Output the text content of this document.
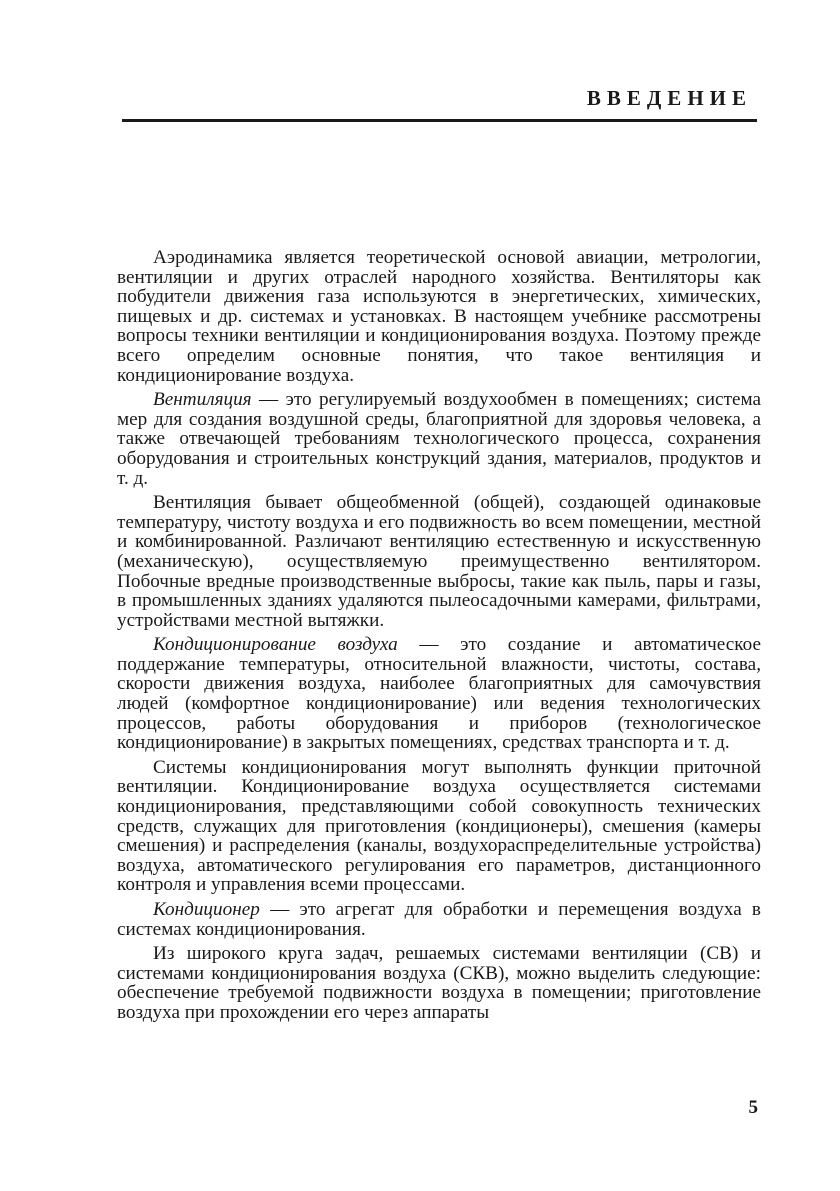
ВВЕДЕНИЕ

Аэродинамика является теоретической основой авиации, метрологии, вентиляции и других отраслей народного хозяйства. Вентиляторы как побудители движения газа используются в энергетических, химических, пищевых и др. системах и установках. В настоящем учебнике рассмотрены вопросы техники вентиляции и кондиционирования воздуха. Поэтому прежде всего определим основные понятия, что такое вентиляция и кондиционирование воздуха.

Вентиляция — это регулируемый воздухообмен в помещениях; система мер для создания воздушной среды, благоприятной для здоровья человека, а также отвечающей требованиям технологического процесса, сохранения оборудования и строительных конструкций здания, материалов, продуктов и т. д.

Вентиляция бывает общеобменной (общей), создающей одинаковые температуру, чистоту воздуха и его подвижность во всем помещении, местной и комбинированной. Различают вентиляцию естественную и искусственную (механическую), осуществляемую преимущественно вентилятором. Побочные вредные производственные выбросы, такие как пыль, пары и газы, в промышленных зданиях удаляются пылеосадочными камерами, фильтрами, устройствами местной вытяжки.

Кондиционирование воздуха — это создание и автоматическое поддержание температуры, относительной влажности, чистоты, состава, скорости движения воздуха, наиболее благоприятных для самочувствия людей (комфортное кондиционирование) или ведения технологических процессов, работы оборудования и приборов (технологическое кондиционирование) в закрытых помещениях, средствах транспорта и т. д.

Системы кондиционирования могут выполнять функции приточной вентиляции. Кондиционирование воздуха осуществляется системами кондиционирования, представляющими собой совокупность технических средств, служащих для приготовления (кондиционеры), смешения (камеры смешения) и распределения (каналы, воздухораспределительные устройства) воздуха, автоматического регулирования его параметров, дистанционного контроля и управления всеми процессами.

Кондиционер — это агрегат для обработки и перемещения воздуха в системах кондиционирования.

Из широкого круга задач, решаемых системами вентиляции (СВ) и системами кондиционирования воздуха (СКВ), можно выделить следующие: обеспечение требуемой подвижности воздуха в помещении; приготовление воздуха при прохождении его через аппараты

5
